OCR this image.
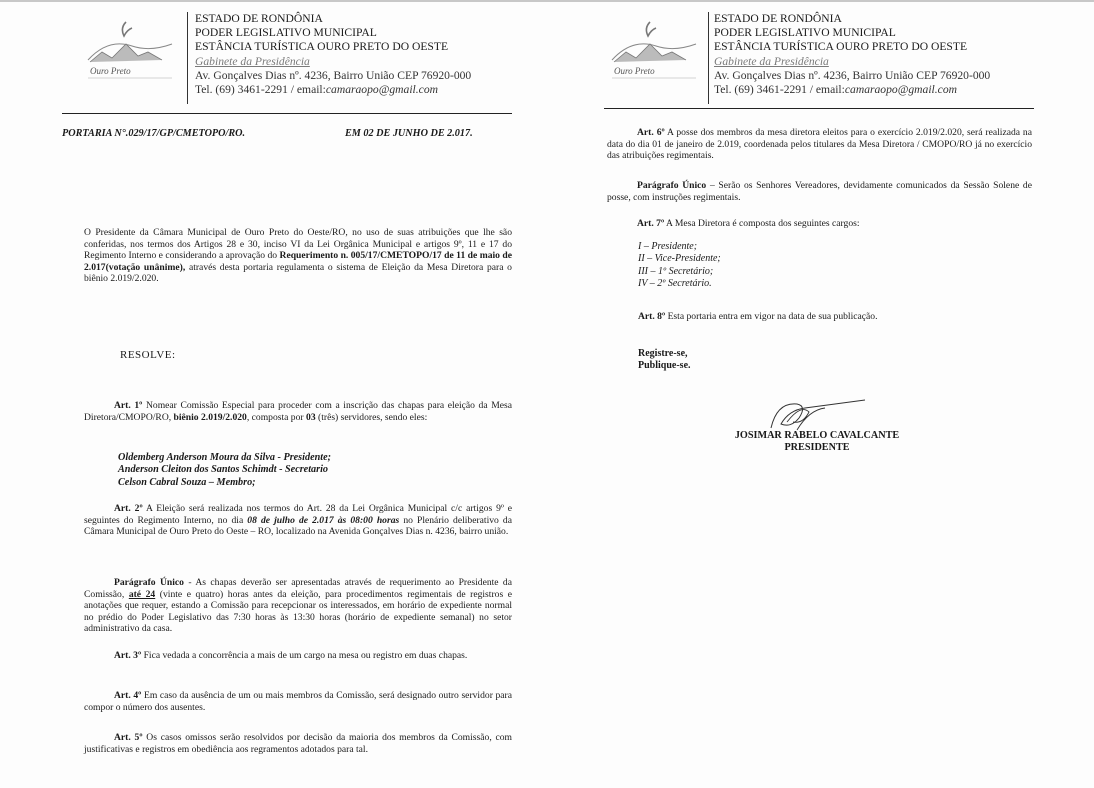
Ouro Preto
ESTADO DE RONDÔNIA
PODER LEGISLATIVO MUNICIPAL
ESTÂNCIA TURÍSTICA OURO PRETO DO OESTE
Gabinete da Presidência
Av. Gonçalves Dias nº. 4236, Bairro União CEP 76920-000
Tel. (69) 3461-2291 / email:camaraopo@gmail.com
PORTARIA N°.029/17/GP/CMETOPO/RO.	EM 02 DE JUNHO DE 2.017.
O Presidente da Câmara Municipal de Ouro Preto do Oeste/RO, no uso de suas atribuições que lhe são conferidas, nos termos dos Artigos 28 e 30, inciso VI da Lei Orgânica Municipal e artigos 9º, 11 e 17 do Regimento Interno e considerando a aprovação do Requerimento n. 005/17/CMETOPO/17 de 11 de maio de 2.017(votação unânime), através desta portaria regulamenta o sistema de Eleição da Mesa Diretora para o biênio 2.019/2.020.
RESOLVE:
Art. 1º Nomear Comissão Especial para proceder com a inscrição das chapas para eleição da Mesa Diretora/CMOPO/RO, biênio 2.019/2.020, composta por 03 (três) servidores, sendo eles:
Oldemberg Anderson Moura da Silva - Presidente;
Anderson Cleiton dos Santos Schimdt - Secretario
Celson Cabral Souza – Membro;
Art. 2º A Eleição será realizada nos termos do Art. 28 da Lei Orgânica Municipal c/c artigos 9º e seguintes do Regimento Interno, no dia 08 de julho de 2.017 às 08:00 horas no Plenário deliberativo da Câmara Municipal de Ouro Preto do Oeste – RO, localizado na Avenida Gonçalves Dias n. 4236, bairro união.
Parágrafo Único - As chapas deverão ser apresentadas através de requerimento ao Presidente da Comissão, até 24 (vinte e quatro) horas antes da eleição, para procedimentos regimentais de registros e anotações que requer, estando a Comissão para recepcionar os interessados, em horário de expediente normal no prédio do Poder Legislativo das 7:30 horas às 13:30 horas (horário de expediente semanal) no setor administrativo da casa.
Art. 3º Fica vedada a concorrência a mais de um cargo na mesa ou registro em duas chapas.
Art. 4º Em caso da ausência de um ou mais membros da Comissão, será designado outro servidor para compor o número dos ausentes.
Art. 5º Os casos omissos serão resolvidos por decisão da maioria dos membros da Comissão, com justificativas e registros em obediência aos regramentos adotados para tal.
Ouro Preto
ESTADO DE RONDÔNIA
PODER LEGISLATIVO MUNICIPAL
ESTÂNCIA TURÍSTICA OURO PRETO DO OESTE
Gabinete da Presidência
Av. Gonçalves Dias nº. 4236, Bairro União CEP 76920-000
Tel. (69) 3461-2291 / email:camaraopo@gmail.com
Art. 6º A posse dos membros da mesa diretora eleitos para o exercício 2.019/2.020, será realizada na data do dia 01 de janeiro de 2.019, coordenada pelos titulares da Mesa Diretora / CMOPO/RO já no exercício das atribuições regimentais.
Parágrafo Único – Serão os Senhores Vereadores, devidamente comunicados da Sessão Solene de posse, com instruções regimentais.
Art. 7º A Mesa Diretora é composta dos seguintes cargos:
I – Presidente;
II – Vice-Presidente;
III – 1º Secretário;
IV – 2º Secretário.
Art. 8º Esta portaria entra em vigor na data de sua publicação.
Registre-se,
Publique-se.
JOSIMAR RABELO CAVALCANTE
PRESIDENTE
